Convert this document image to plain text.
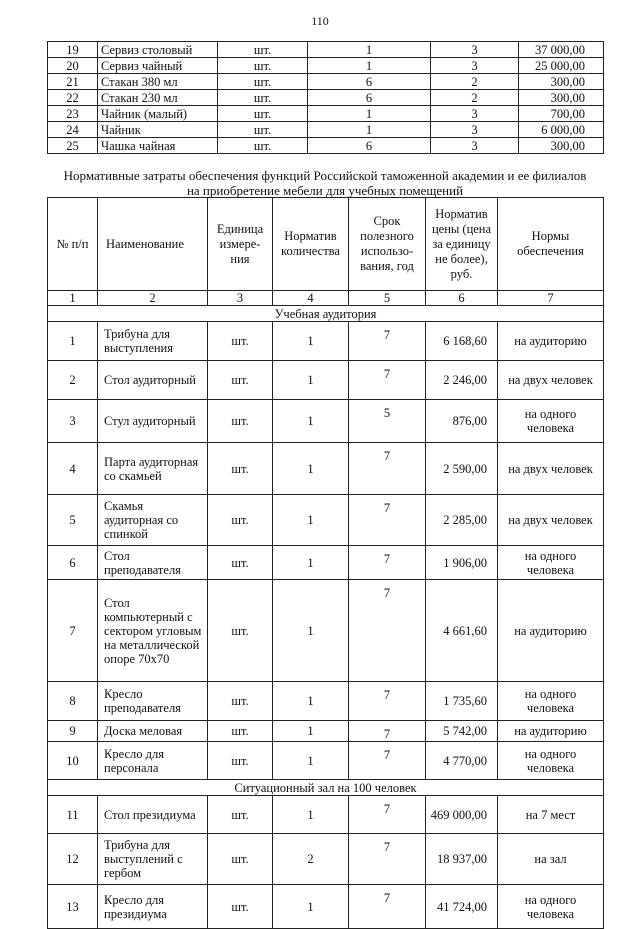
110
19	Сервиз столовый	шт.	1	3	37 000,00
20	Сервиз чайный	шт.	1	3	25 000,00
21	Стакан 380 мл	шт.	6	2	300,00
22	Стакан 230 мл	шт.	6	2	300,00
23	Чайник (малый)	шт.	1	3	700,00
24	Чайник	шт.	1	3	6 000,00
25	Чашка чайная	шт.	6	3	300,00
Нормативные затраты обеспечения функций Российской таможенной академии и ее филиалов
на приобретение мебели для учебных помещений
№ п/п	Наименование	Единица измере-ния	Норматив количества	Срок полезного использо-вания, год	Норматив цены (цена за единицу не более), руб.	Нормы обеспечения
1	2	3	4	5	6	7
Учебная аудитория						
1	Трибуна для выступления	шт.	1	7	6 168,60	на аудиторию
2	Стол аудиторный	шт.	1	7	2 246,00	на двух человек
3	Стул аудиторный	шт.	1	5	876,00	на одного человека
4	Парта аудиторная со скамьей	шт.	1	7	2 590,00	на двух человек
5	Скамья аудиторная со спинкой	шт.	1	7	2 285,00	на двух человек
6	Стол преподавателя	шт.	1	7	1 906,00	на одного человека
7	Стол компьютерный с сектором угловым на металлической опоре 70х70	шт.	1	7	4 661,60	на аудиторию
8	Кресло преподавателя	шт.	1	7	1 735,60	на одного человека
9	Доска меловая	шт.	1	7	5 742,00	на аудиторию
10	Кресло для персонала	шт.	1	7	4 770,00	на одного человека
Ситуационный зал на 100 человек						
11	Стол президиума	шт.	1	7	469 000,00	на 7 мест
12	Трибуна для выступлений с гербом	шт.	2	7	18 937,00	на зал
13	Кресло для президиума	шт.	1	7	41 724,00	на одного человека
